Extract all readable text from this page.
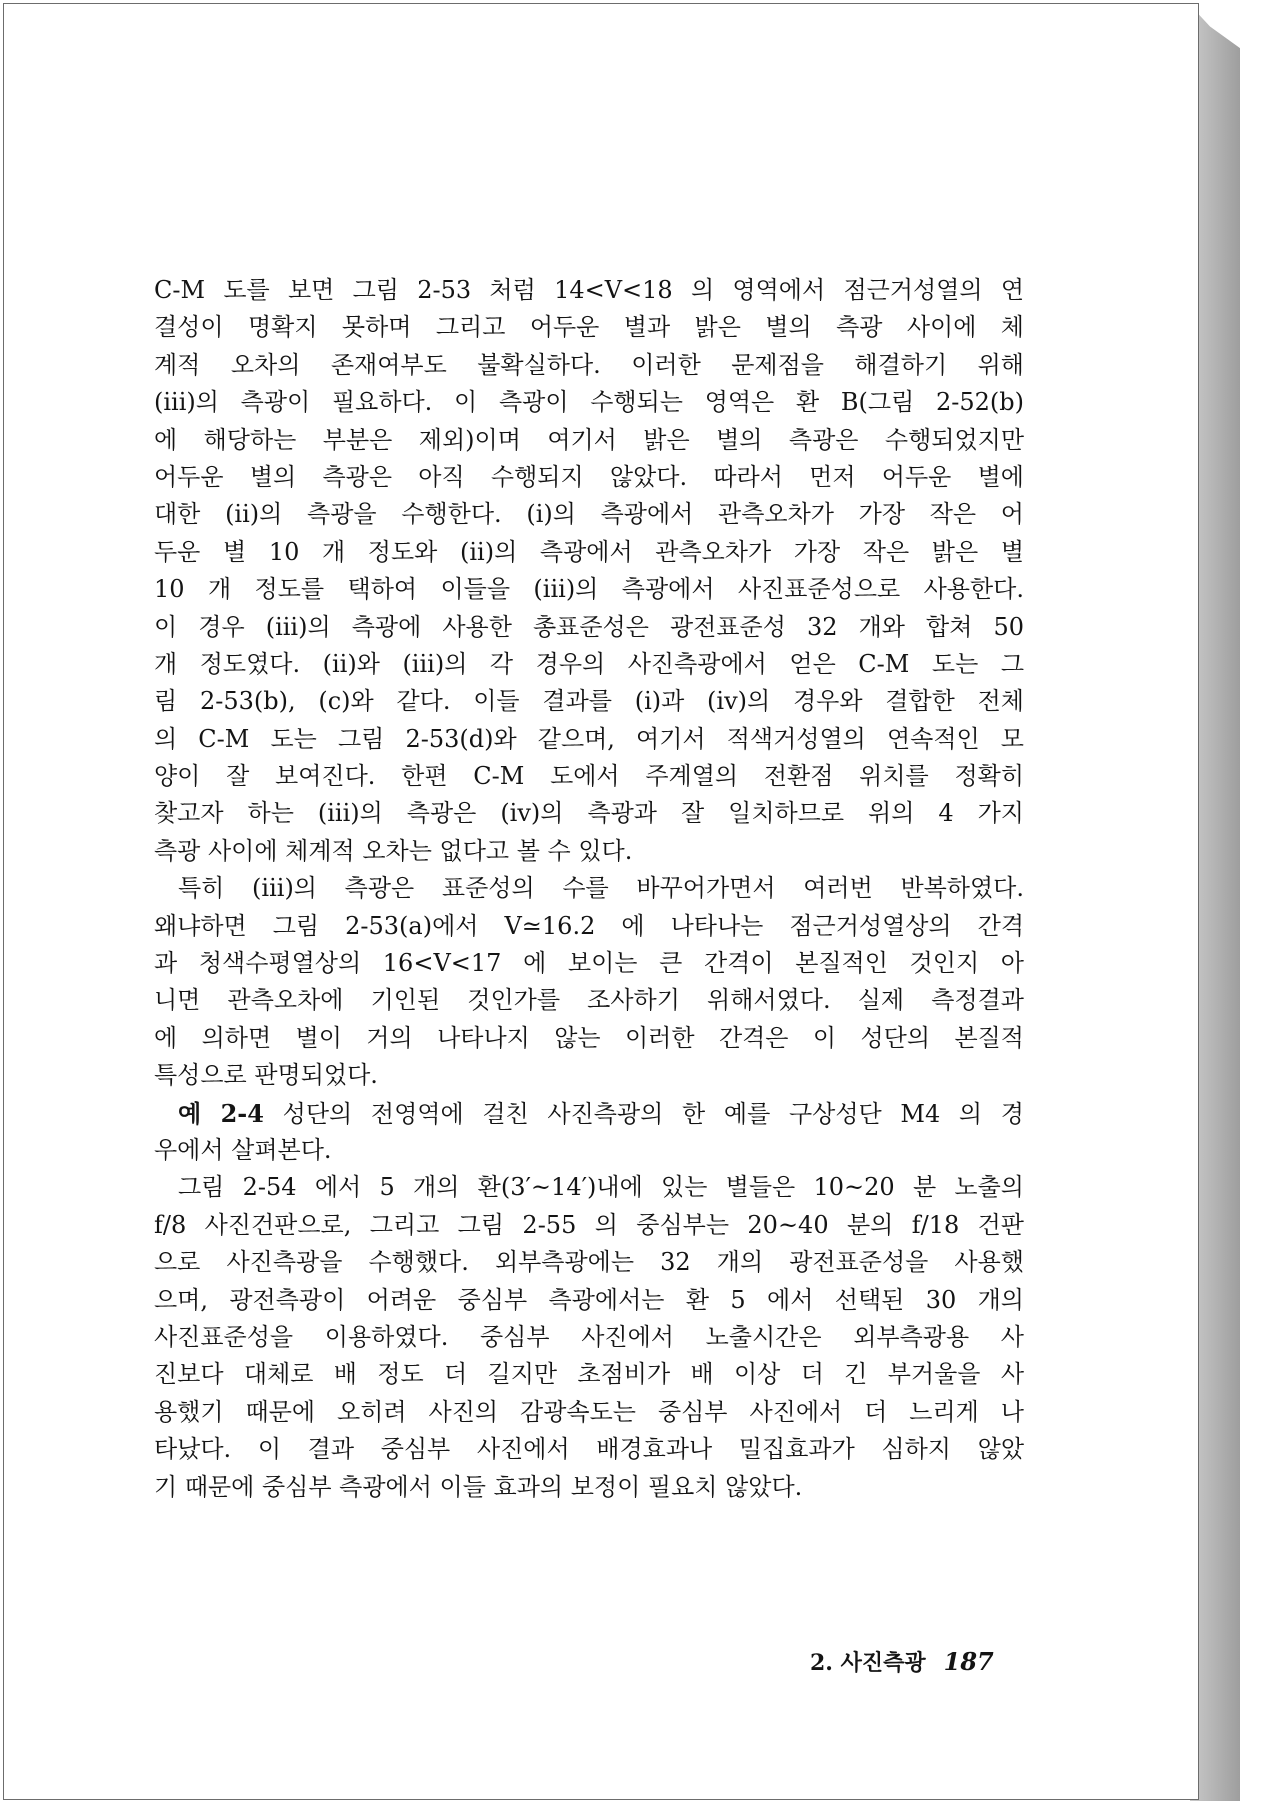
C-M 도를 보면 그림 2-53 처럼 14<V<18 의 영역에서 점근거성열의 연
결성이 명확지 못하며 그리고 어두운 별과 밝은 별의 측광 사이에 체
계적 오차의 존재여부도 불확실하다. 이러한 문제점을 해결하기 위해
(iii)의 측광이 필요하다. 이 측광이 수행되는 영역은 환 B(그림 2-52(b)
에 해당하는 부분은 제외)이며 여기서 밝은 별의 측광은 수행되었지만
어두운 별의 측광은 아직 수행되지 않았다. 따라서 먼저 어두운 별에
대한 (ii)의 측광을 수행한다. (i)의 측광에서 관측오차가 가장 작은 어
두운 별 10 개 정도와 (ii)의 측광에서 관측오차가 가장 작은 밝은 별
10 개 정도를 택하여 이들을 (iii)의 측광에서 사진표준성으로 사용한다.
이 경우 (iii)의 측광에 사용한 총표준성은 광전표준성 32 개와 합쳐 50
개 정도였다. (ii)와 (iii)의 각 경우의 사진측광에서 얻은 C-M 도는 그
림 2-53(b), (c)와 같다. 이들 결과를 (i)과 (iv)의 경우와 결합한 전체
의 C-M 도는 그림 2-53(d)와 같으며, 여기서 적색거성열의 연속적인 모
양이 잘 보여진다. 한편 C-M 도에서 주계열의 전환점 위치를 정확히
찾고자 하는 (iii)의 측광은 (iv)의 측광과 잘 일치하므로 위의 4 가지
측광 사이에 체계적 오차는 없다고 볼 수 있다.
특히 (iii)의 측광은 표준성의 수를 바꾸어가면서 여러번 반복하였다.
왜냐하면 그림 2-53(a)에서 V≃16.2 에 나타나는 점근거성열상의 간격
과 청색수평열상의 16<V<17 에 보이는 큰 간격이 본질적인 것인지 아
니면 관측오차에 기인된 것인가를 조사하기 위해서였다. 실제 측정결과
에 의하면 별이 거의 나타나지 않는 이러한 간격은 이 성단의 본질적
특성으로 판명되었다.
예 2-4 성단의 전영역에 걸친 사진측광의 한 예를 구상성단 M4 의 경
우에서 살펴본다.
그림 2-54 에서 5 개의 환(3′~14′)내에 있는 별들은 10~20 분 노출의
f/8 사진건판으로, 그리고 그림 2-55 의 중심부는 20~40 분의 f/18 건판
으로 사진측광을 수행했다. 외부측광에는 32 개의 광전표준성을 사용했
으며, 광전측광이 어려운 중심부 측광에서는 환 5 에서 선택된 30 개의
사진표준성을 이용하였다. 중심부 사진에서 노출시간은 외부측광용 사
진보다 대체로 배 정도 더 길지만 초점비가 배 이상 더 긴 부거울을 사
용했기 때문에 오히려 사진의 감광속도는 중심부 사진에서 더 느리게 나
타났다. 이 결과 중심부 사진에서 배경효과나 밀집효과가 심하지 않았
기 때문에 중심부 측광에서 이들 효과의 보정이 필요치 않았다.
2. 사진측광 187
